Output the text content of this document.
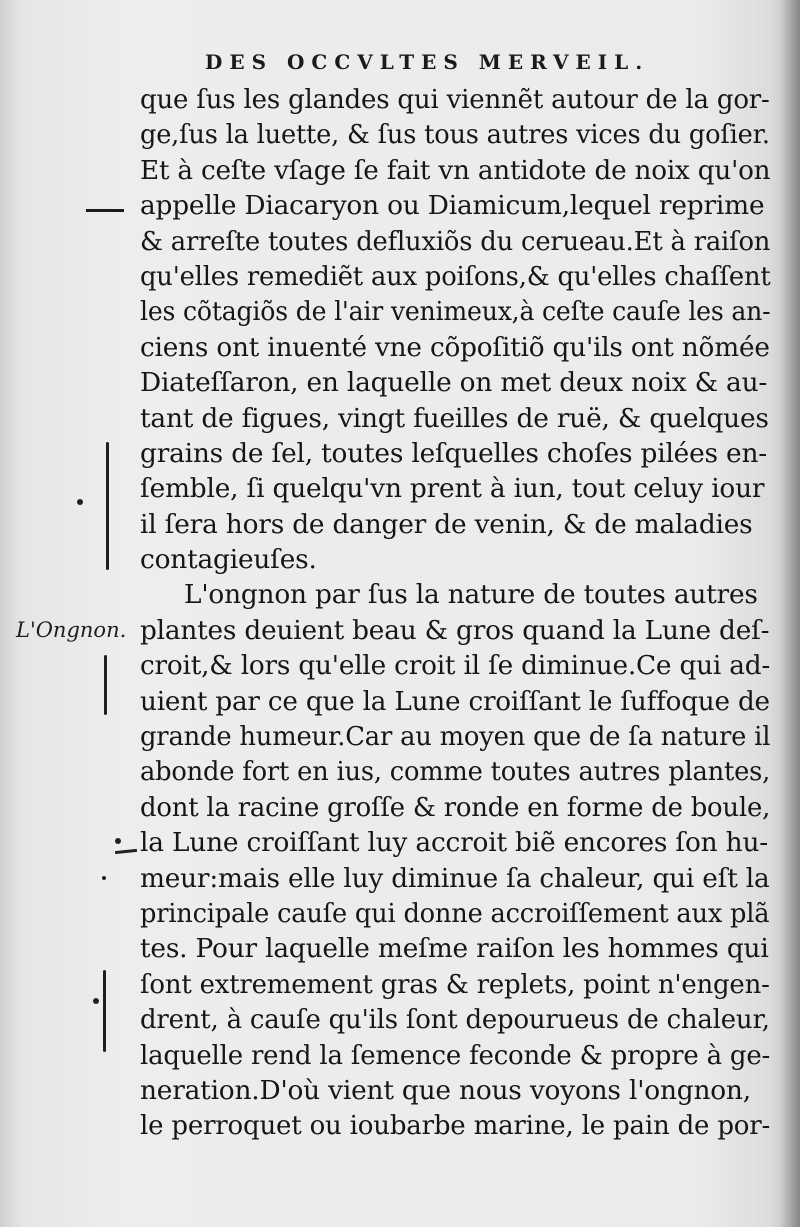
DES OCCVLTES MERVEIL.
L'Ongnon.
que ſus les glandes qui viennẽt autour de la gor-
ge,ſus la luette, & ſus tous autres vices du goſier.
Et à ceſte vſage ſe fait vn antidote de noix qu'on
appelle Diacaryon ou Diamicum,lequel reprime
& arreſte toutes defluxiõs du cerueau.Et à raiſon
qu'elles remediẽt aux poiſons,& qu'elles chaſſent
les cõtagiõs de l'air venimeux,à ceſte cauſe les an-
ciens ont inuenté vne cõpoſitiõ qu'ils ont nõmée
Diateſſaron, en laquelle on met deux noix & au-
tant de figues, vingt fueilles de ruë, & quelques
grains de ſel, toutes leſquelles choſes pilées en-
ſemble, ſi quelqu'vn prent à iun, tout celuy iour
il ſera hors de danger de venin, & de maladies
contagieuſes.
L'ongnon par ſus la nature de toutes autres
plantes deuient beau & gros quand la Lune deſ-
croit,& lors qu'elle croit il ſe diminue.Ce qui ad-
uient par ce que la Lune croiſſant le ſuffoque de
grande humeur.Car au moyen que de ſa nature il
abonde fort en ius, comme toutes autres plantes,
dont la racine groſſe & ronde en forme de boule,
la Lune croiſſant luy accroit biẽ encores ſon hu-
meur:mais elle luy diminue ſa chaleur, qui eſt la
principale cauſe qui donne accroiſſement aux plã
tes. Pour laquelle meſme raiſon les hommes qui
ſont extremement gras & replets, point n'engen-
drent, à cauſe qu'ils ſont depourueus de chaleur,
laquelle rend la ſemence feconde & propre à ge-
neration.D'où vient que nous voyons l'ongnon,
le perroquet ou ioubarbe marine, le pain de por-
